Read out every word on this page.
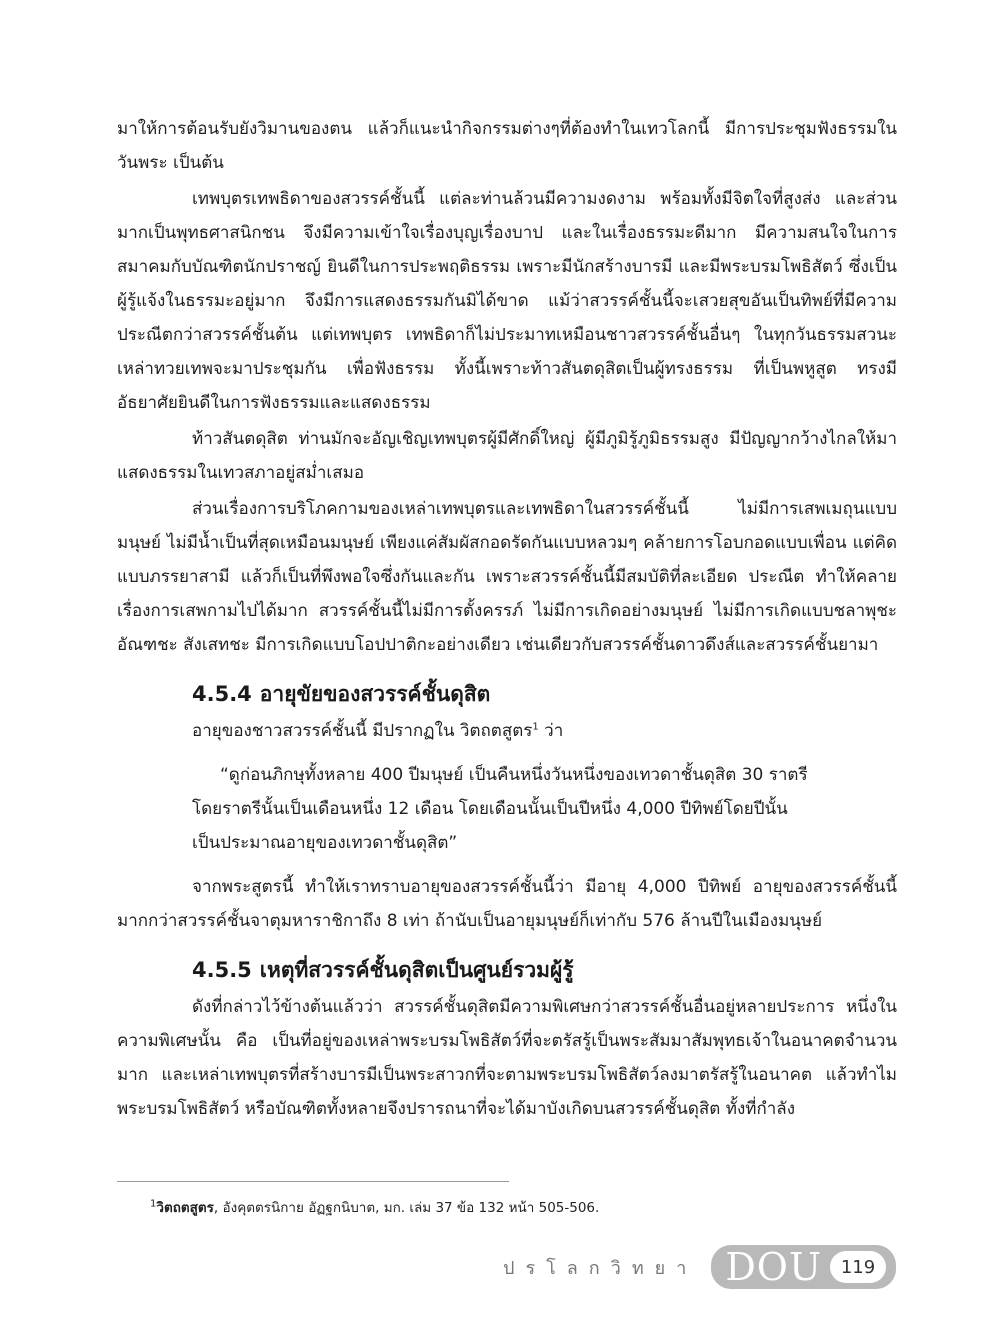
มาให้การต้อนรับยังวิมานของตน แล้วก็แนะนำกิจกรรมต่างๆที่ต้องทำในเทวโลกนี้ มีการประชุมฟังธรรมในวันพระ เป็นต้น

เทพบุตรเทพธิดาของสวรรค์ชั้นนี้ แต่ละท่านล้วนมีความงดงาม พร้อมทั้งมีจิตใจที่สูงส่ง และส่วนมากเป็นพุทธศาสนิกชน จึงมีความเข้าใจเรื่องบุญเรื่องบาป และในเรื่องธรรมะดีมาก มีความสนใจในการสมาคมกับบัณฑิตนักปราชญ์ ยินดีในการประพฤติธรรม เพราะมีนักสร้างบารมี และมีพระบรมโพธิสัตว์ ซึ่งเป็นผู้รู้แจ้งในธรรมะอยู่มาก จึงมีการแสดงธรรมกันมิได้ขาด แม้ว่าสวรรค์ชั้นนี้จะเสวยสุขอันเป็นทิพย์ที่มีความประณีตกว่าสวรรค์ชั้นต้น แต่เทพบุตร เทพธิดาก็ไม่ประมาทเหมือนชาวสวรรค์ชั้นอื่นๆ ในทุกวันธรรมสวนะ เหล่าทวยเทพจะมาประชุมกัน เพื่อฟังธรรม ทั้งนี้เพราะท้าวสันตดุสิตเป็นผู้ทรงธรรม ที่เป็นพหูสูต ทรงมีอัธยาศัยยินดีในการฟังธรรมและแสดงธรรม

ท้าวสันตดุสิต ท่านมักจะอัญเชิญเทพบุตรผู้มีศักดิ์ใหญ่ ผู้มีภูมิรู้ภูมิธรรมสูง มีปัญญากว้างไกลให้มาแสดงธรรมในเทวสภาอยู่สม่ำเสมอ

ส่วนเรื่องการบริโภคกามของเหล่าเทพบุตรและเทพธิดาในสวรรค์ชั้นนี้ ไม่มีการเสพเมถุนแบบมนุษย์ ไม่มีน้ำเป็นที่สุดเหมือนมนุษย์ เพียงแค่สัมผัสกอดรัดกันแบบหลวมๆ คล้ายการโอบกอดแบบเพื่อน แต่คิดแบบภรรยาสามี แล้วก็เป็นที่พึงพอใจซึ่งกันและกัน เพราะสวรรค์ชั้นนี้มีสมบัติที่ละเอียด ประณีต ทำให้คลายเรื่องการเสพกามไปได้มาก สวรรค์ชั้นนี้ไม่มีการตั้งครรภ์ ไม่มีการเกิดอย่างมนุษย์ ไม่มีการเกิดแบบชลาพุชะ อัณฑชะ สังเสทชะ มีการเกิดแบบโอปปาติกะอย่างเดียว เช่นเดียวกับสวรรค์ชั้นดาวดึงส์และสวรรค์ชั้นยามา

4.5.4 อายุขัยของสวรรค์ชั้นดุสิต

อายุของชาวสวรรค์ชั้นนี้ มีปรากฏใน วิตถตสูตร$^1$ ว่า

“ดูก่อนภิกษุทั้งหลาย 400 ปีมนุษย์ เป็นคืนหนึ่งวันหนึ่งของเทวดาชั้นดุสิต 30 ราตรี
โดยราตรีนั้นเป็นเดือนหนึ่ง 12 เดือน โดยเดือนนั้นเป็นปีหนึ่ง 4,000 ปีทิพย์โดยปีนั้น
เป็นประมาณอายุของเทวดาชั้นดุสิต”

จากพระสูตรนี้ ทำให้เราทราบอายุของสวรรค์ชั้นนี้ว่า มีอายุ 4,000 ปีทิพย์ อายุของสวรรค์ชั้นนี้มากกว่าสวรรค์ชั้นจาตุมหาราชิกาถึง 8 เท่า ถ้านับเป็นอายุมนุษย์ก็เท่ากับ 576 ล้านปีในเมืองมนุษย์

4.5.5 เหตุที่สวรรค์ชั้นดุสิตเป็นศูนย์รวมผู้รู้

ดังที่กล่าวไว้ข้างต้นแล้วว่า สวรรค์ชั้นดุสิตมีความพิเศษกว่าสวรรค์ชั้นอื่นอยู่หลายประการ หนึ่งในความพิเศษนั้น คือ เป็นที่อยู่ของเหล่าพระบรมโพธิสัตว์ที่จะตรัสรู้เป็นพระสัมมาสัมพุทธเจ้าในอนาคตจำนวนมาก และเหล่าเทพบุตรที่สร้างบารมีเป็นพระสาวกที่จะตามพระบรมโพธิสัตว์ลงมาตรัสรู้ในอนาคต แล้วทำไมพระบรมโพธิสัตว์ หรือบัณฑิตทั้งหลายจึงปรารถนาที่จะได้มาบังเกิดบนสวรรค์ชั้นดุสิต ทั้งที่กำลัง

$^1$วิตถตสูตร, อังคุตตรนิกาย อัฏฐกนิบาต, มก. เล่ม 37 ข้อ 132 หน้า 505-506.
ปรโลกวิทยา DOU	119
